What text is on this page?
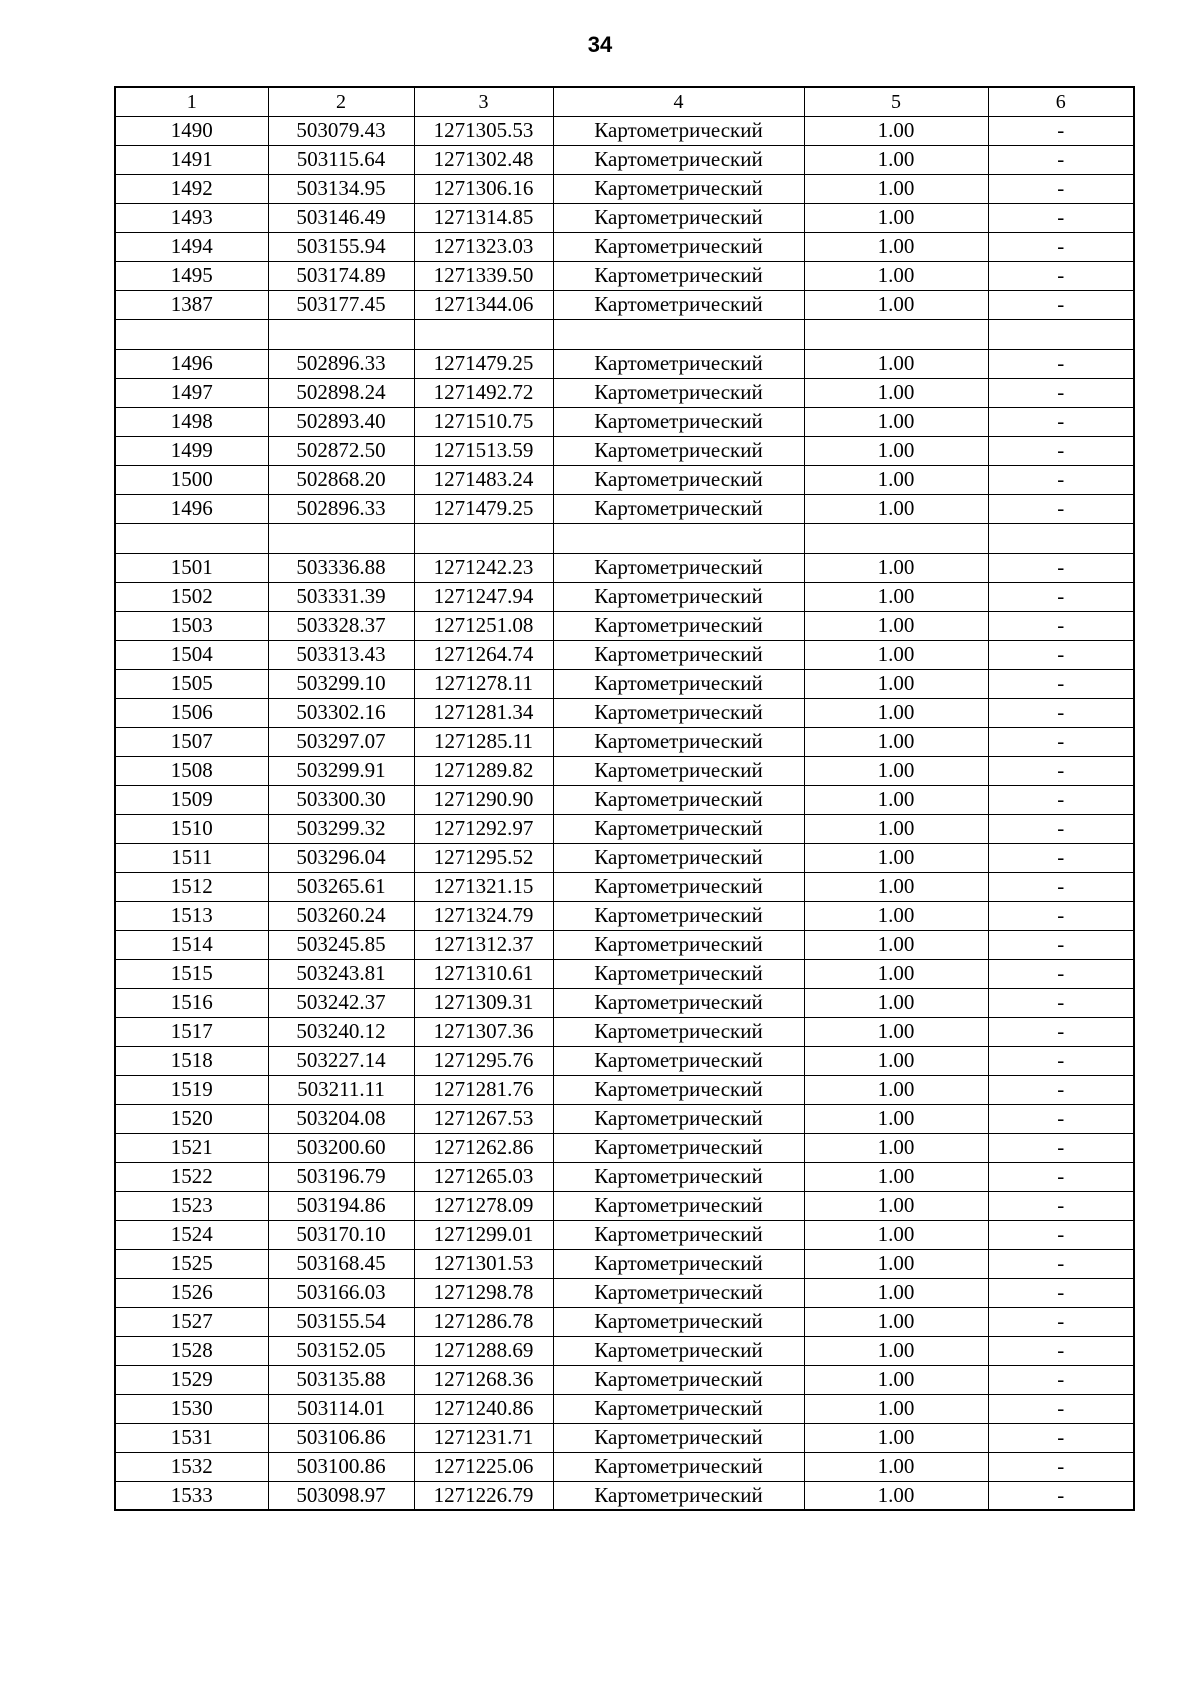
34
1	2	3	4	5	6
1490	503079.43	1271305.53	Картометрический	1.00	-
1491	503115.64	1271302.48	Картометрический	1.00	-
1492	503134.95	1271306.16	Картометрический	1.00	-
1493	503146.49	1271314.85	Картометрический	1.00	-
1494	503155.94	1271323.03	Картометрический	1.00	-
1495	503174.89	1271339.50	Картометрический	1.00	-
1387	503177.45	1271344.06	Картометрический	1.00	-

1496	502896.33	1271479.25	Картометрический	1.00	-
1497	502898.24	1271492.72	Картометрический	1.00	-
1498	502893.40	1271510.75	Картометрический	1.00	-
1499	502872.50	1271513.59	Картометрический	1.00	-
1500	502868.20	1271483.24	Картометрический	1.00	-
1496	502896.33	1271479.25	Картометрический	1.00	-

1501	503336.88	1271242.23	Картометрический	1.00	-
1502	503331.39	1271247.94	Картометрический	1.00	-
1503	503328.37	1271251.08	Картометрический	1.00	-
1504	503313.43	1271264.74	Картометрический	1.00	-
1505	503299.10	1271278.11	Картометрический	1.00	-
1506	503302.16	1271281.34	Картометрический	1.00	-
1507	503297.07	1271285.11	Картометрический	1.00	-
1508	503299.91	1271289.82	Картометрический	1.00	-
1509	503300.30	1271290.90	Картометрический	1.00	-
1510	503299.32	1271292.97	Картометрический	1.00	-
1511	503296.04	1271295.52	Картометрический	1.00	-
1512	503265.61	1271321.15	Картометрический	1.00	-
1513	503260.24	1271324.79	Картометрический	1.00	-
1514	503245.85	1271312.37	Картометрический	1.00	-
1515	503243.81	1271310.61	Картометрический	1.00	-
1516	503242.37	1271309.31	Картометрический	1.00	-
1517	503240.12	1271307.36	Картометрический	1.00	-
1518	503227.14	1271295.76	Картометрический	1.00	-
1519	503211.11	1271281.76	Картометрический	1.00	-
1520	503204.08	1271267.53	Картометрический	1.00	-
1521	503200.60	1271262.86	Картометрический	1.00	-
1522	503196.79	1271265.03	Картометрический	1.00	-
1523	503194.86	1271278.09	Картометрический	1.00	-
1524	503170.10	1271299.01	Картометрический	1.00	-
1525	503168.45	1271301.53	Картометрический	1.00	-
1526	503166.03	1271298.78	Картометрический	1.00	-
1527	503155.54	1271286.78	Картометрический	1.00	-
1528	503152.05	1271288.69	Картометрический	1.00	-
1529	503135.88	1271268.36	Картометрический	1.00	-
1530	503114.01	1271240.86	Картометрический	1.00	-
1531	503106.86	1271231.71	Картометрический	1.00	-
1532	503100.86	1271225.06	Картометрический	1.00	-
1533	503098.97	1271226.79	Картометрический	1.00	-
